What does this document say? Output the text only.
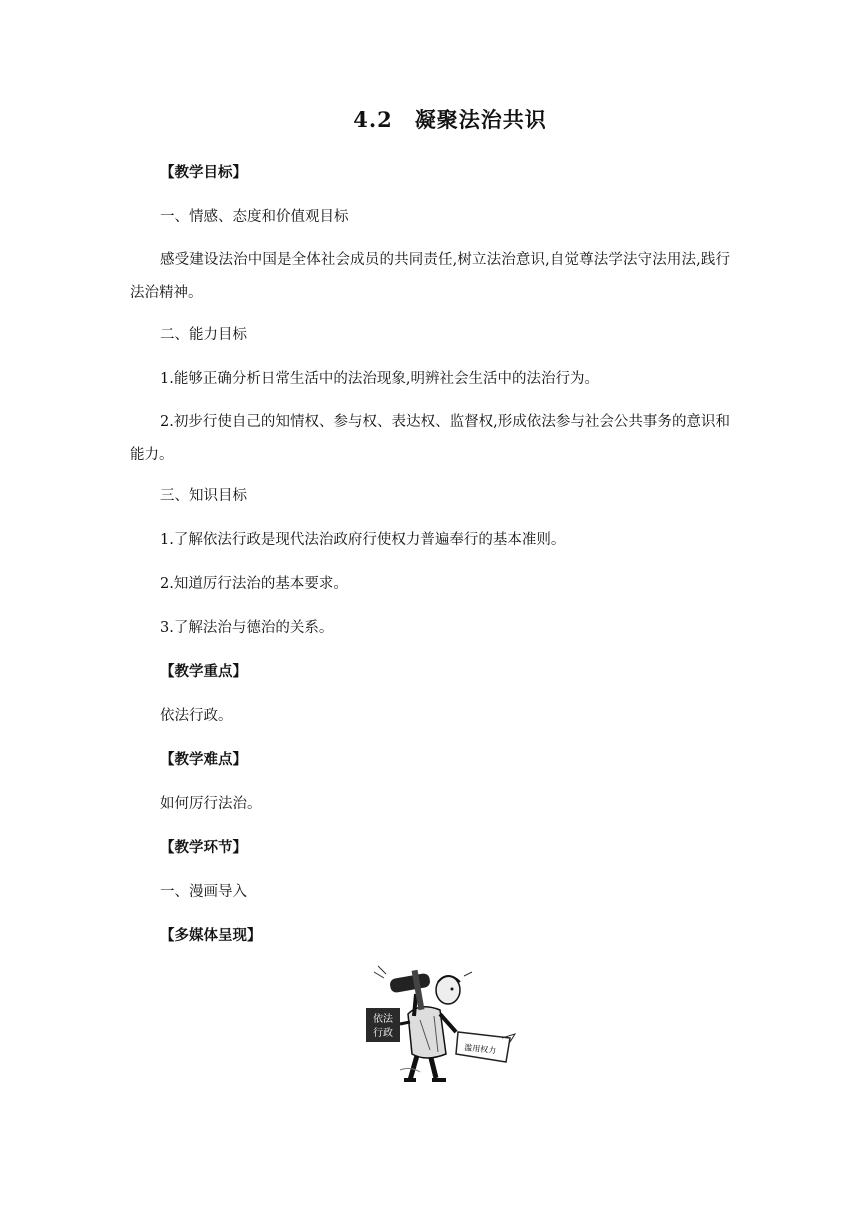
4.2 凝聚法治共识
【教学目标】
一、情感、态度和价值观目标
感受建设法治中国是全体社会成员的共同责任,树立法治意识,自觉尊法学法守法用法,践行法治精神。
二、能力目标
1.能够正确分析日常生活中的法治现象,明辨社会生活中的法治行为。
2.初步行使自己的知情权、参与权、表达权、监督权,形成依法参与社会公共事务的意识和能力。
三、知识目标
1.了解依法行政是现代法治政府行使权力普遍奉行的基本准则。
2.知道厉行法治的基本要求。
3.了解法治与德治的关系。
【教学重点】
依法行政。
【教学难点】
如何厉行法治。
【教学环节】
一、漫画导入
【多媒体呈现】
滥用权力
依法
行政
